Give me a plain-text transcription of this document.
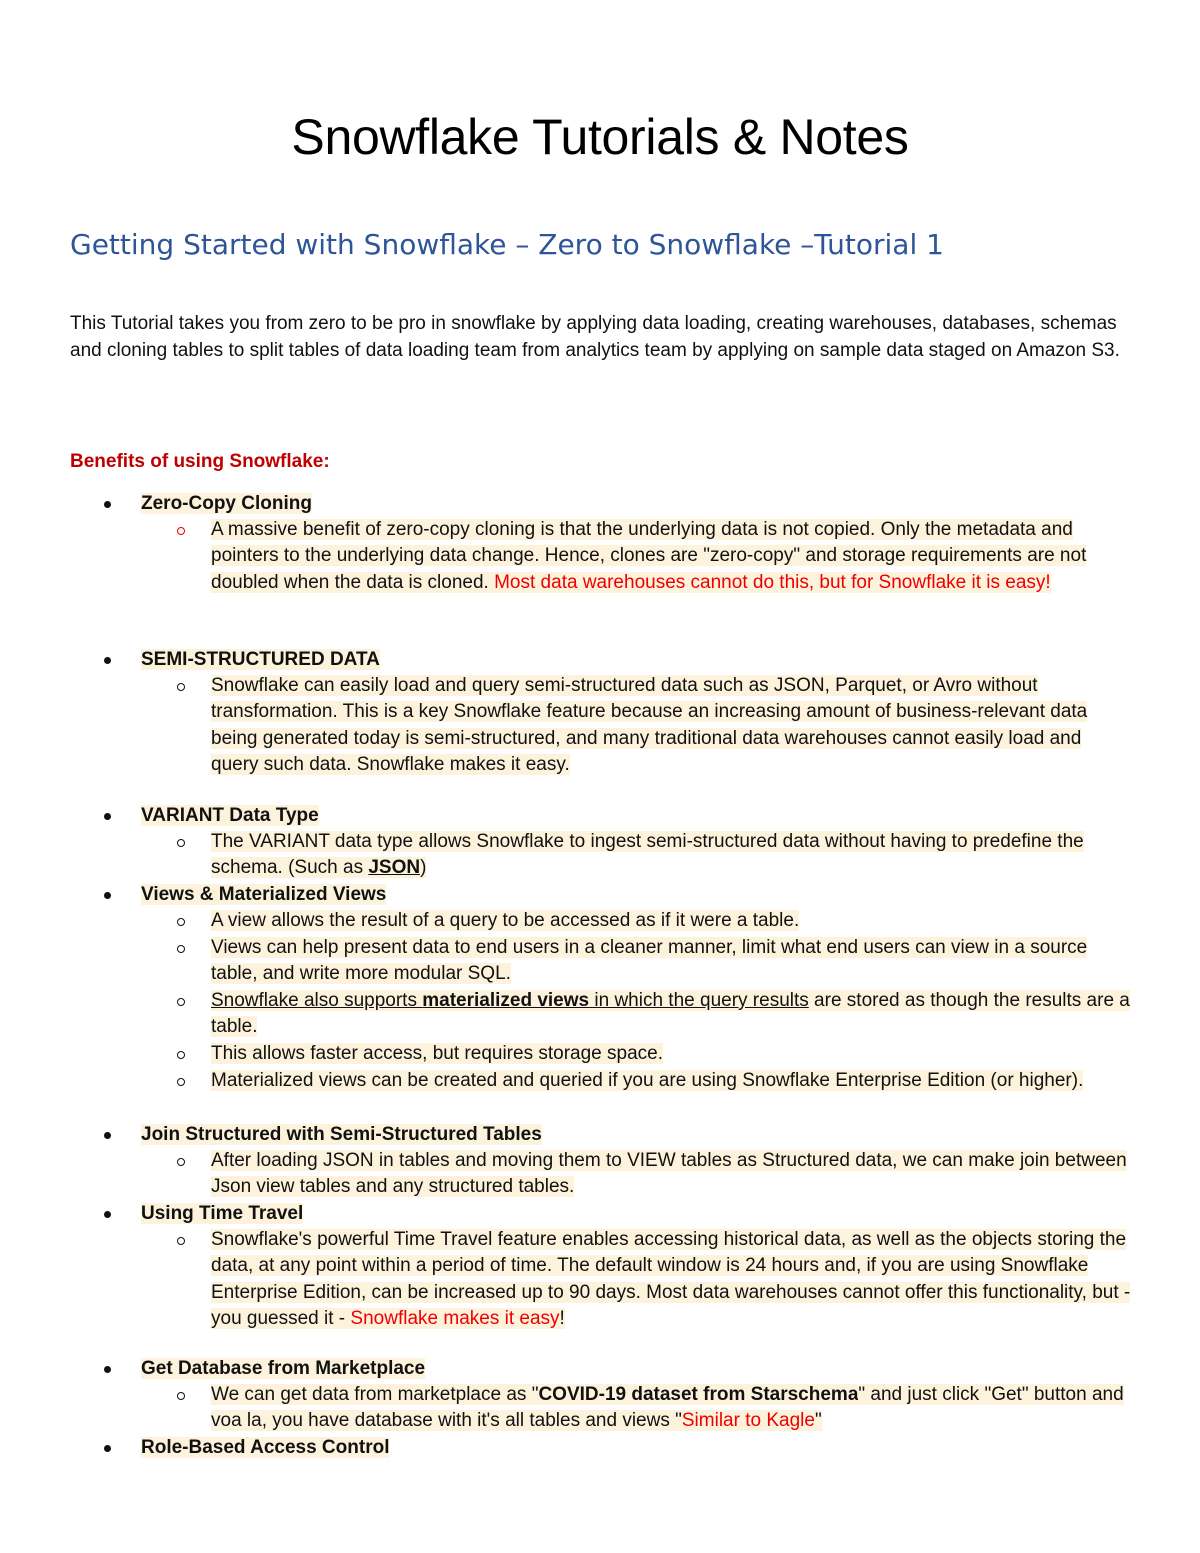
Snowflake Tutorials & Notes
Getting Started with Snowflake – Zero to Snowflake –Tutorial 1

This Tutorial takes you from zero to be pro in snowflake by applying data loading, creating warehouses, databases, schemas and cloning tables to split tables of data loading team from analytics team by applying on sample data staged on Amazon S3.

Benefits of using Snowflake:
Zero-Copy Cloning
A massive benefit of zero-copy cloning is that the underlying data is not copied. Only the metadata and pointers to the underlying data change. Hence, clones are "zero-copy" and storage requirements are not doubled when the data is cloned. Most data warehouses cannot do this, but for Snowflake it is easy!
SEMI-STRUCTURED DATA
Snowflake can easily load and query semi-structured data such as JSON, Parquet, or Avro without transformation. This is a key Snowflake feature because an increasing amount of business-relevant data being generated today is semi-structured, and many traditional data warehouses cannot easily load and query such data. Snowflake makes it easy.
VARIANT Data Type
The VARIANT data type allows Snowflake to ingest semi-structured data without having to predefine the schema. (Such as JSON)
Views & Materialized Views
A view allows the result of a query to be accessed as if it were a table.
Views can help present data to end users in a cleaner manner, limit what end users can view in a source table, and write more modular SQL.
Snowflake also supports materialized views in which the query results are stored as though the results are a table.
This allows faster access, but requires storage space.
Materialized views can be created and queried if you are using Snowflake Enterprise Edition (or higher).
Join Structured with Semi-Structured Tables
After loading JSON in tables and moving them to VIEW tables as Structured data, we can make join between Json view tables and any structured tables.
Using Time Travel
Snowflake's powerful Time Travel feature enables accessing historical data, as well as the objects storing the data, at any point within a period of time. The default window is 24 hours and, if you are using Snowflake Enterprise Edition, can be increased up to 90 days. Most data warehouses cannot offer this functionality, but - you guessed it - Snowflake makes it easy!
Get Database from Marketplace
We can get data from marketplace as "COVID-19 dataset from Starschema" and just click "Get" button and voa la, you have database with it's all tables and views "Similar to Kagle"
Role-Based Access Control
